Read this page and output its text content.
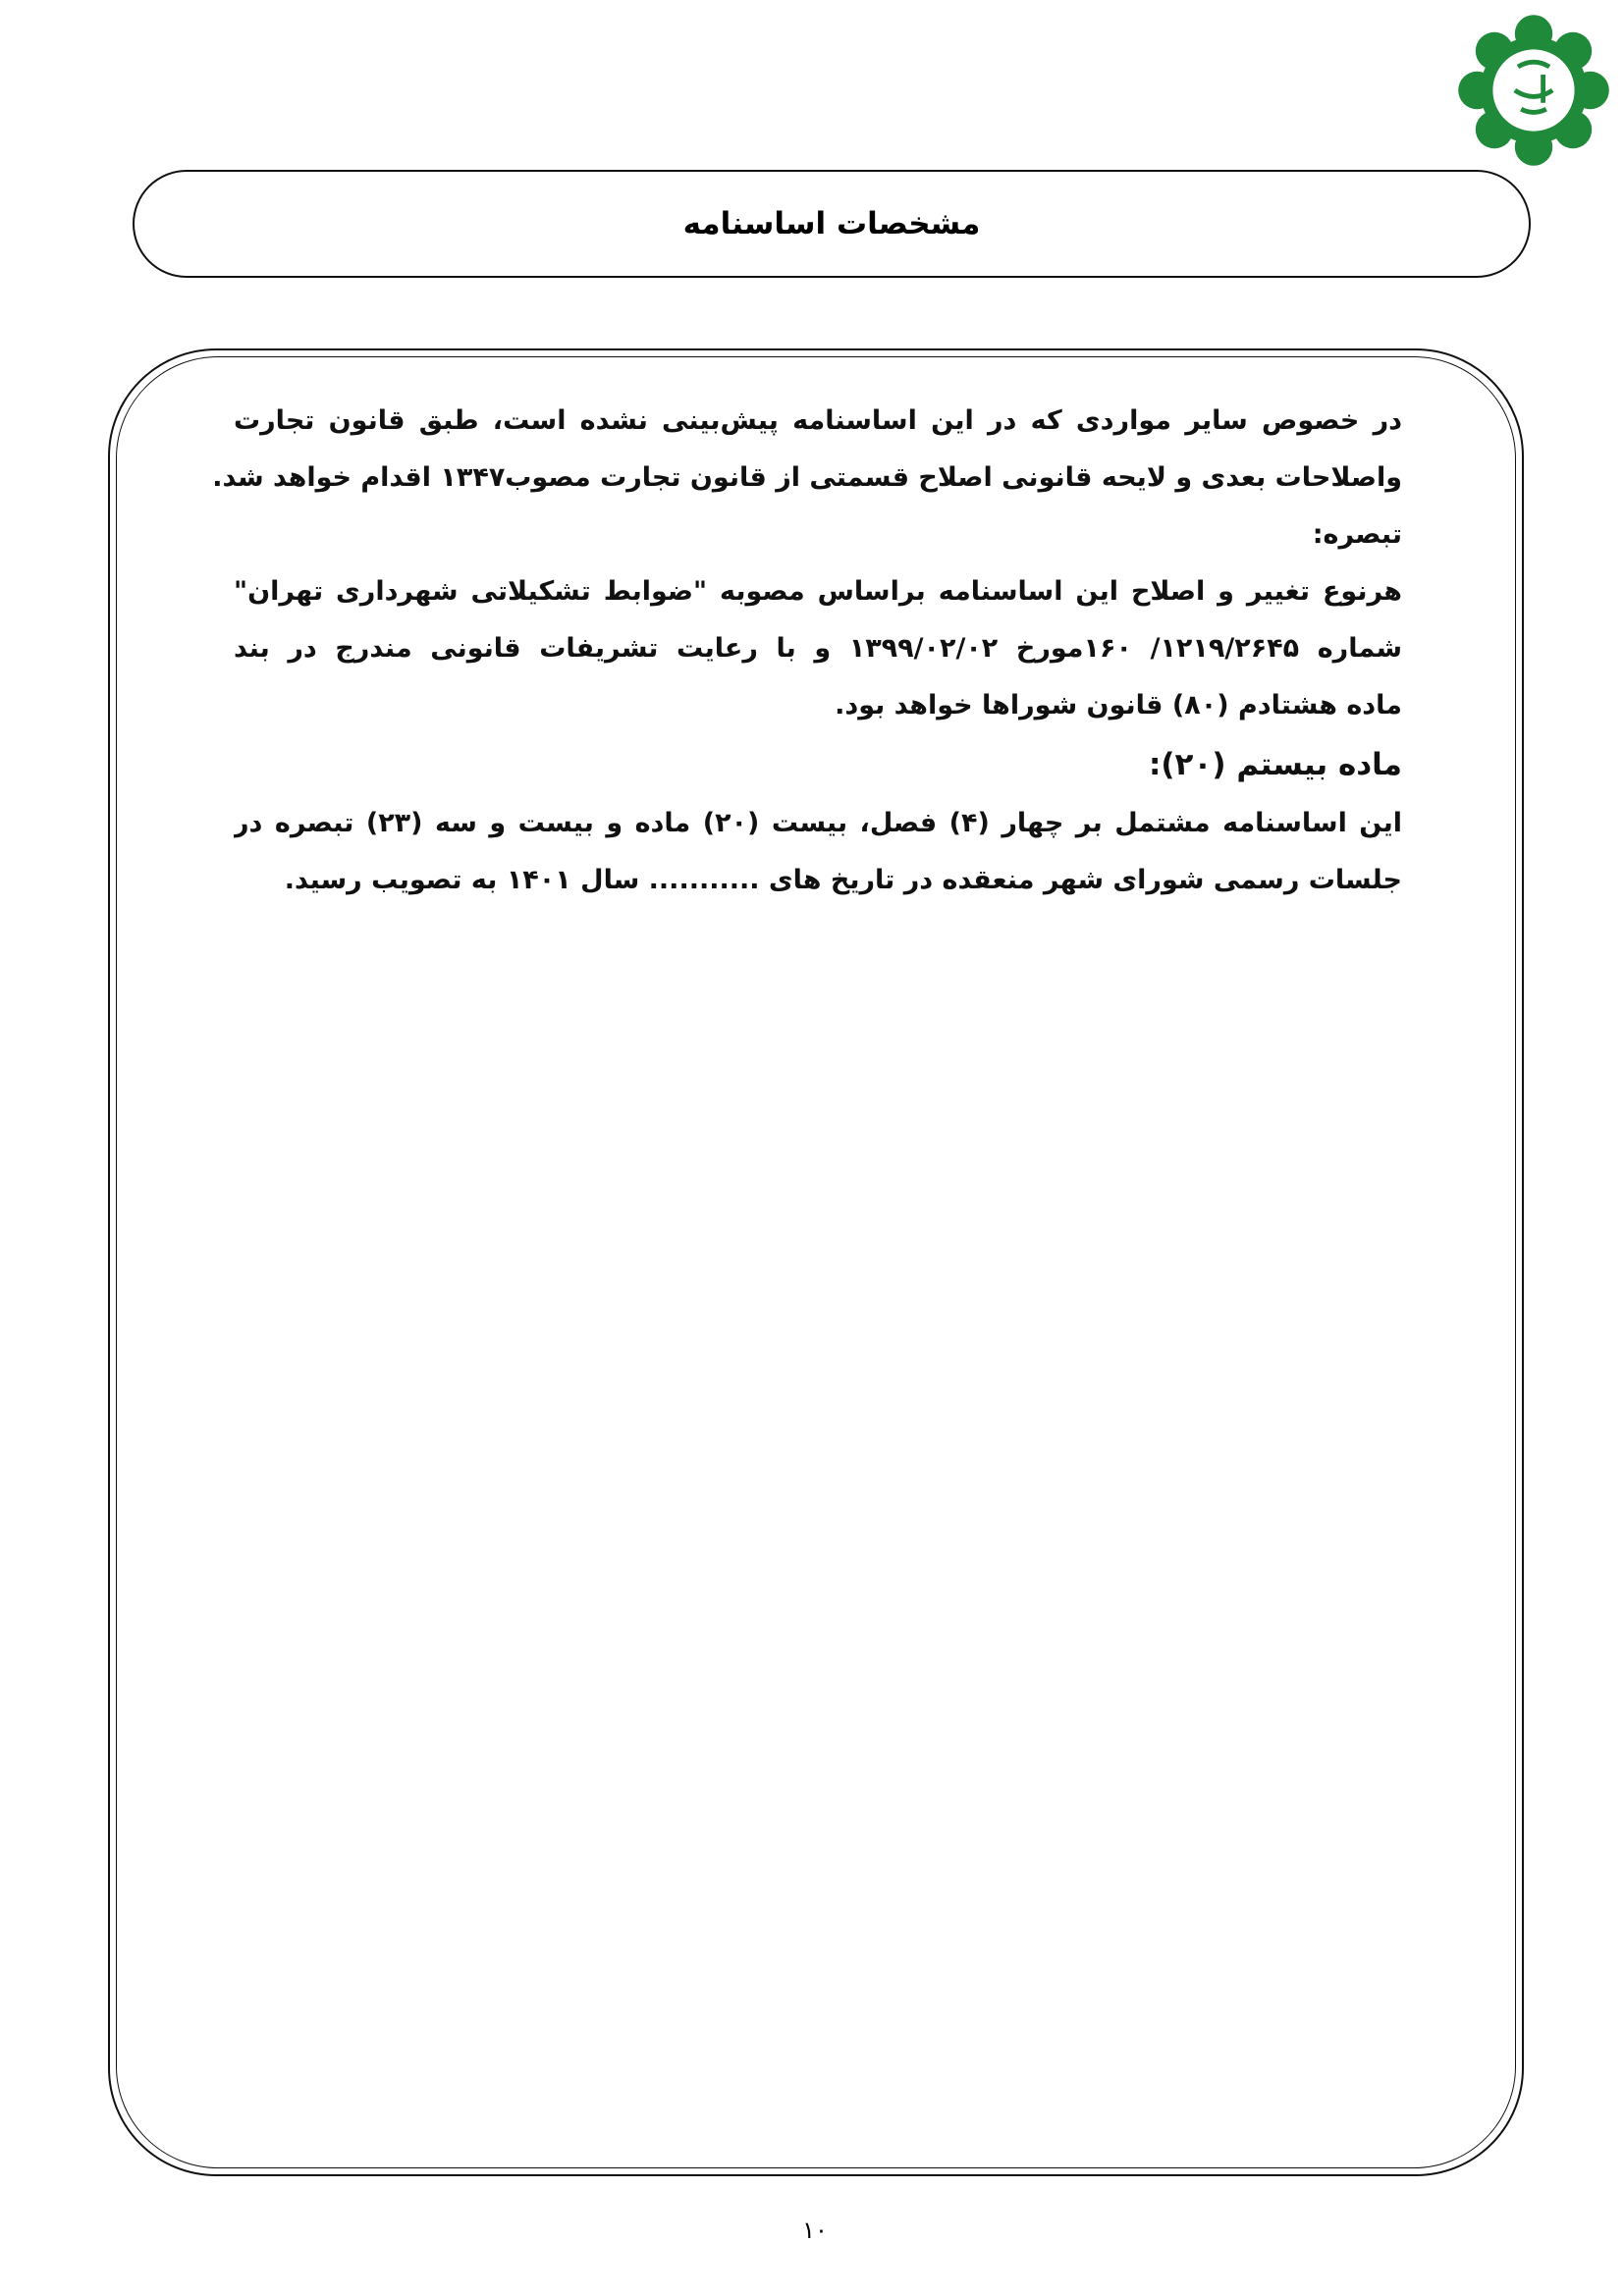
مشخصات اساسنامه
در خصوص سایر مواردی که در این اساسنامه پیش‌بینی نشده است، طبق قانون تجارت
واصلاحات بعدی و لایحه قانونی اصلاح قسمتی از قانون تجارت مصوب۱۳۴۷ اقدام خواهد شد.
تبصره:
هرنوع تغییر و اصلاح این اساسنامه براساس مصوبه "ضوابط تشکیلاتی شهرداری تهران"
شماره ۱۲۱۹/۲۶۴۵/ ۱۶۰مورخ ۱۳۹۹/۰۲/۰۲ و با رعایت تشریفات قانونی مندرج در بند
ماده هشتادم (۸۰) قانون شوراها خواهد بود.
ماده بیستم (۲۰):
این اساسنامه مشتمل بر چهار (۴) فصل، بیست (۲۰) ماده و بیست و سه (۲۳) تبصره در
جلسات رسمی شورای شهر منعقده در تاریخ های ........... سال ۱۴۰۱ به تصویب رسید.
۱۰
